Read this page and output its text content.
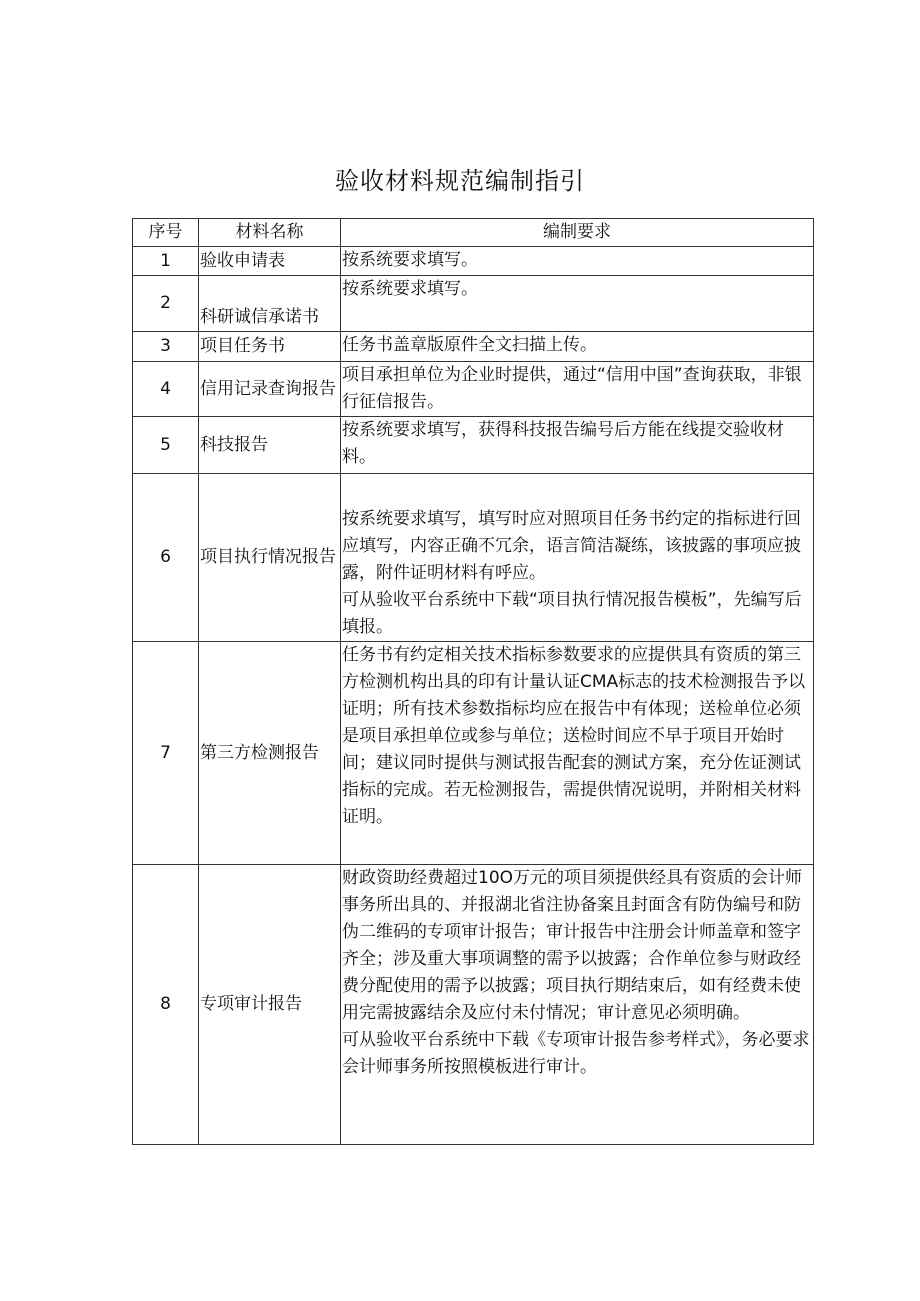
验收材料规范编制指引
序号	材料名称	编制要求
1	验收申请表	按系统要求填写。

2	科研诚信承诺书	按系统要求填写。

3	项目任务书	任务书盖章版原件全文扫描上传。

4	信用记录查询报告	项目承担单位为企业时提供，通过“信用中国”查询获取，非银行征信报告。

5	科技报告	按系统要求填写，获得科技报告编号后方能在线提交验收材料。

6	项目执行情况报告	按系统要求填写，填写时应对照项目任务书约定的指标进行回应填写，内容正确不冗余，语言简洁凝练，该披露的事项应披露，附件证明材料有呼应。

可从验收平台系统中下载“项目执行情况报告模板”，先编写后填报。

7	第三方检测报告	任务书有约定相关技术指标参数要求的应提供具有资质的第三方检测机构出具的印有计量认证CMA标志的技术检测报告予以证明；所有技术参数指标均应在报告中有体现；送检单位必须是项目承担单位或参与单位；送检时间应不早于项目开始时间；建议同时提供与测试报告配套的测试方案，充分佐证测试指标的完成。若无检测报告，需提供情况说明，并附相关材料证明。

8	专项审计报告	财政资助经费超过10O万元的项目须提供经具有资质的会计师事务所出具的、并报湖北省注协备案且封面含有防伪编号和防伪二维码的专项审计报告；审计报告中注册会计师盖章和签字齐全；涉及重大事项调整的需予以披露；合作单位参与财政经费分配使用的需予以披露；项目执行期结束后，如有经费未使用完需披露结余及应付未付情况；审计意见必须明确。

可从验收平台系统中下载《专项审计报告参考样式》，务必要求会计师事务所按照模板进行审计。
